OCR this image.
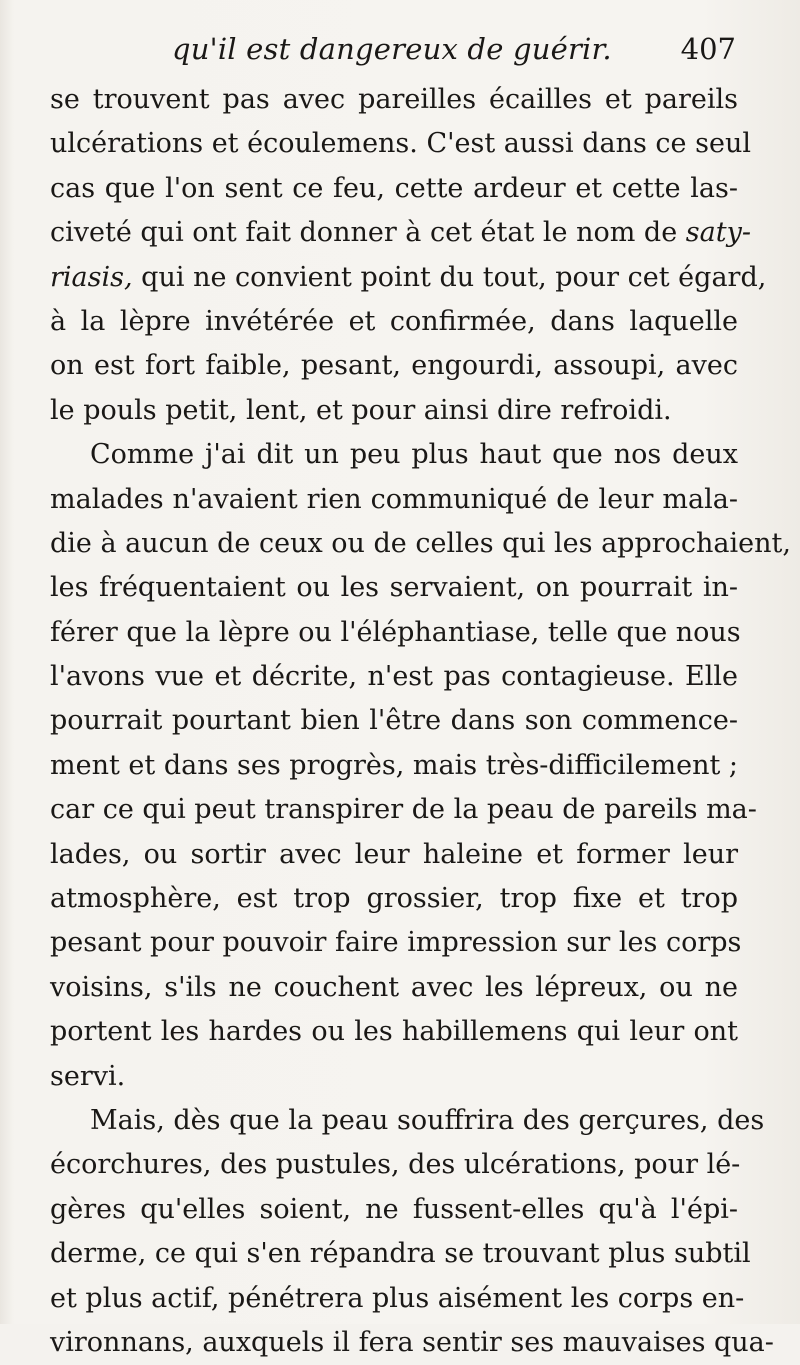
qu'il est dangereux de guérir. 407
se trouvent pas avec pareilles écailles et pareils
ulcérations et écoulemens. C'est aussi dans ce seul
cas que l'on sent ce feu, cette ardeur et cette las-
civeté qui ont fait donner à cet état le nom de saty-
riasis, qui ne convient point du tout, pour cet égard,
à la lèpre invétérée et confirmée, dans laquelle
on est fort faible, pesant, engourdi, assoupi, avec
le pouls petit, lent, et pour ainsi dire refroidi.
Comme j'ai dit un peu plus haut que nos deux
malades n'avaient rien communiqué de leur mala-
die à aucun de ceux ou de celles qui les approchaient,
les fréquentaient ou les servaient, on pourrait in-
férer que la lèpre ou l'éléphantiase, telle que nous
l'avons vue et décrite, n'est pas contagieuse. Elle
pourrait pourtant bien l'être dans son commence-
ment et dans ses progrès, mais très-difficilement ;
car ce qui peut transpirer de la peau de pareils ma-
lades, ou sortir avec leur haleine et former leur
atmosphère, est trop grossier, trop fixe et trop
pesant pour pouvoir faire impression sur les corps
voisins, s'ils ne couchent avec les lépreux, ou ne
portent les hardes ou les habillemens qui leur ont
servi.
Mais, dès que la peau souffrira des gerçures, des
écorchures, des pustules, des ulcérations, pour lé-
gères qu'elles soient, ne fussent-elles qu'à l'épi-
derme, ce qui s'en répandra se trouvant plus subtil
et plus actif, pénétrera plus aisément les corps en-
vironnans, auxquels il fera sentir ses mauvaises qua-
